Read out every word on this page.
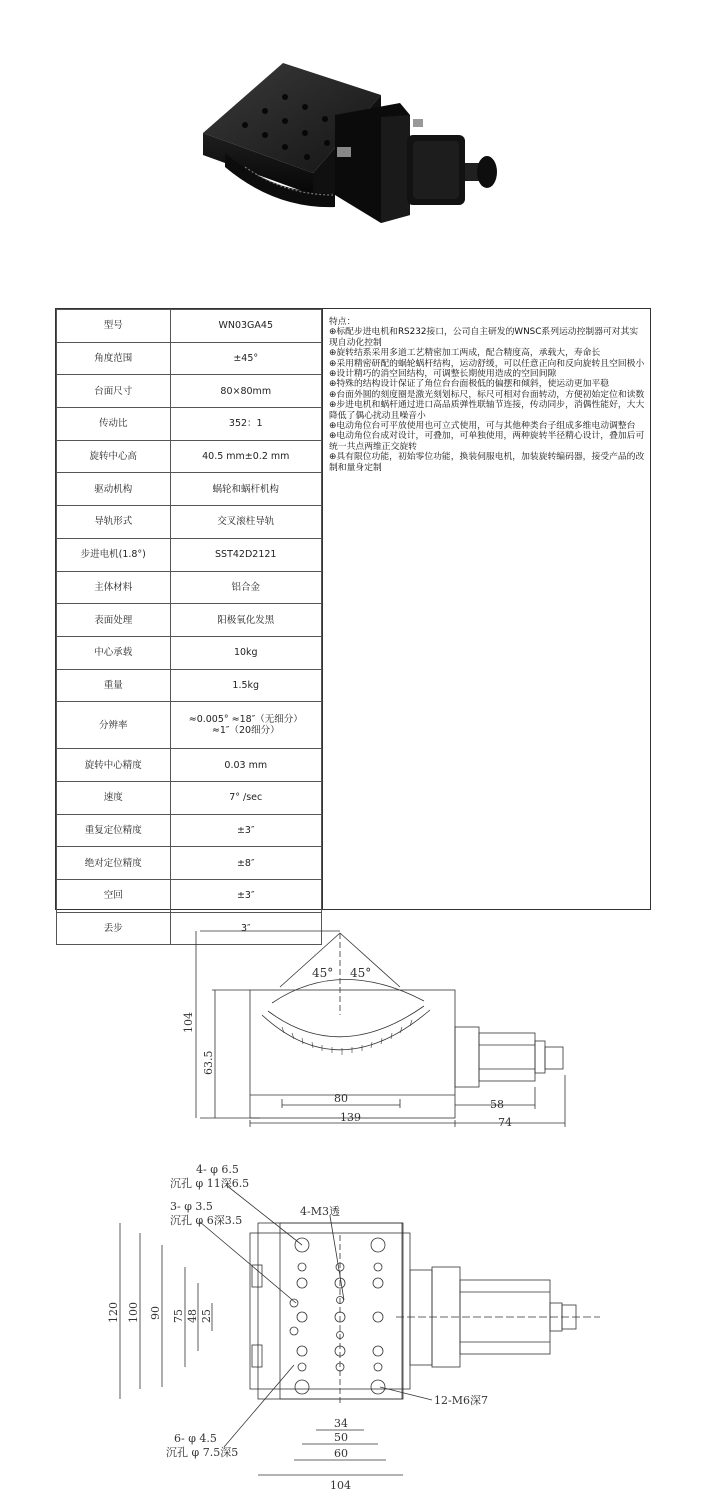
型号	WN03GA45
角度范围	±45°
台面尺寸	80×80mm
传动比	352：1
旋转中心高	40.5 mm±0.2 mm
驱动机构	蜗轮和蜗杆机构
导轨形式	交叉滚柱导轨
步进电机(1.8°)	SST42D2121
主体材料	铝合金
表面处理	阳极氧化发黑
中心承载	10kg
重量	1.5kg
分辨率	≈0.005° ≈18″（无细分）
≈1″（20细分）

旋转中心精度	0.03 mm
速度	7° /sec
重复定位精度	±3″
绝对定位精度	±8″
空回	±3″
丢步	3″
特点：
⊕标配步进电机和RS232接口，公司自主研发的WNSC系列运动控制器可对其实现自动化控制
⊕旋转结系采用多道工艺精密加工两成，配合精度高，承载大，寿命长
⊕采用精密研配的蜗轮蜗杆结构，运动舒缓，可以任意正向和反向旋转且空回极小
⊕设计精巧的消空回结构，可调整长期使用造成的空回间隙
⊕特殊的结构设计保证了角位台台面极低的偏摆和倾斜，使运动更加平稳
⊕台面外圆的刻度圈是激光刻划标尺，标尺可相对台面转动，方便初始定位和读数
⊕步进电机和蜗杆通过进口高品质弹性联轴节连接，传动同步，消偶性能好，大大降低了偶心扰动且噪音小
⊕电动角位台可平放使用也可立式使用，可与其他种类台子组成多维电动调整台
⊕电动角位台成对设计，可叠加，可单独使用，两种旋转半径精心设计，叠加后可统一共点两维正交旋转
⊕具有限位功能，初始零位功能，换装伺服电机，加装旋转编码器，接受产品的改制和量身定制
45° 45°
80
139
58
74
104
63.5
4- φ 6.5
沉孔 φ 11深6.5
3- φ 3.5
沉孔 φ 6深3.5
4-M3透
12-M6深7
6- φ 4.5
沉孔 φ 7.5深5
34
50
60
104
120 100 90 75 48 25
